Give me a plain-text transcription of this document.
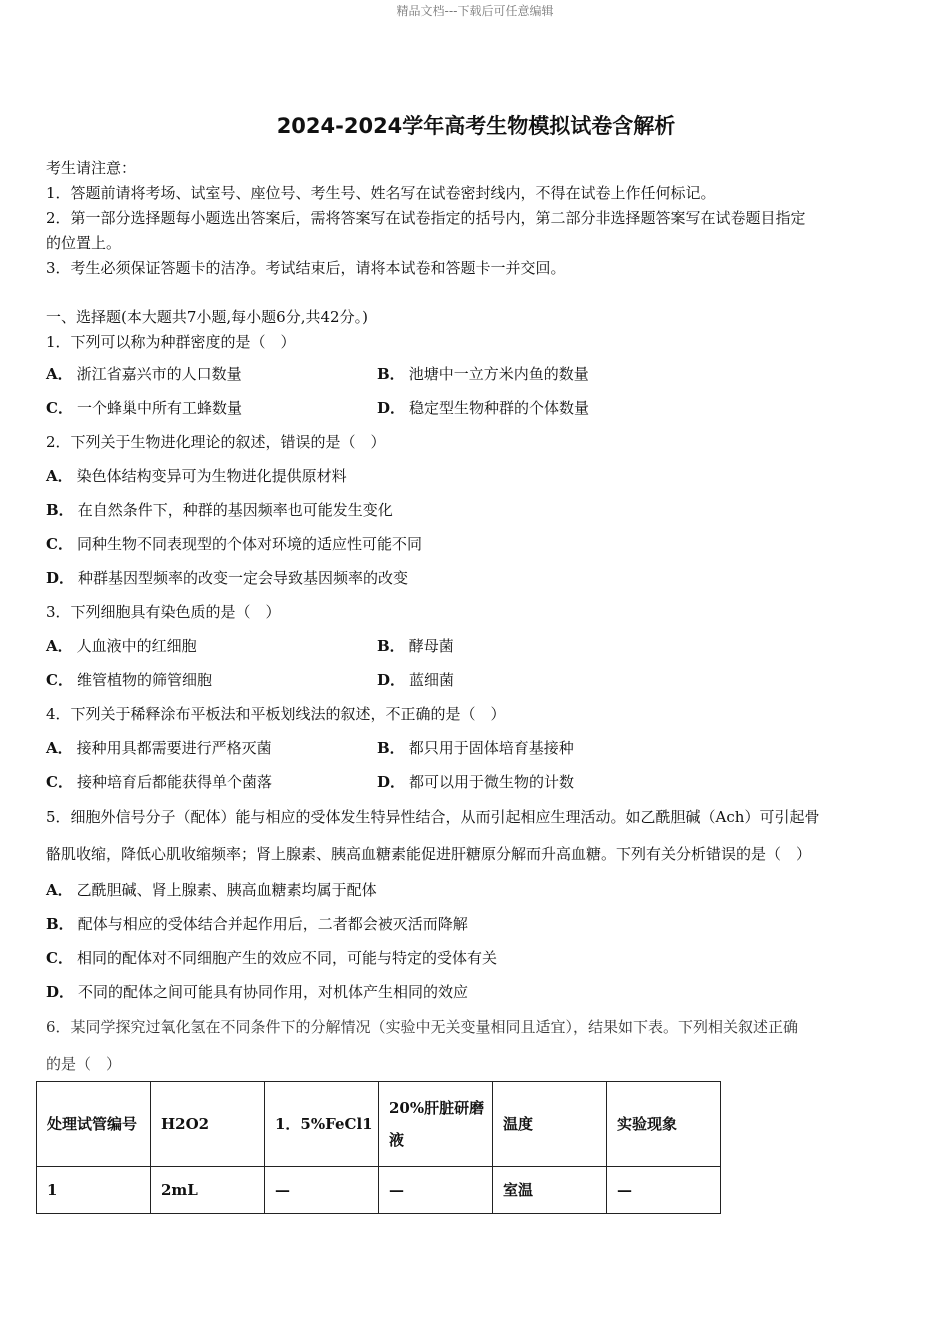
精品文档---下载后可任意编辑
2024-2024学年高考生物模拟试卷含解析
考生请注意：
1．答题前请将考场、试室号、座位号、考生号、姓名写在试卷密封线内，不得在试卷上作任何标记。
2．第一部分选择题每小题选出答案后，需将答案写在试卷指定的括号内，第二部分非选择题答案写在试卷题目指定
的位置上。
3．考生必须保证答题卡的洁净。考试结束后，请将本试卷和答题卡一并交回。
一、选择题(本大题共7小题,每小题6分,共42分。)
1．下列可以称为种群密度的是（　）
A． 浙江省嘉兴市的人口数量	B． 池塘中一立方米内鱼的数量
C． 一个蜂巢中所有工蜂数量	D． 稳定型生物种群的个体数量
2．下列关于生物进化理论的叙述，错误的是（　）
A． 染色体结构变异可为生物进化提供原材料
B． 在自然条件下，种群的基因频率也可能发生变化
C． 同种生物不同表现型的个体对环境的适应性可能不同
D． 种群基因型频率的改变一定会导致基因频率的改变
3．下列细胞具有染色质的是（　）
A． 人血液中的红细胞	B． 酵母菌
C． 维管植物的筛管细胞	D． 蓝细菌
4．下列关于稀释涂布平板法和平板划线法的叙述，不正确的是（　）
A． 接种用具都需要进行严格灭菌	B． 都只用于固体培育基接种
C． 接种培育后都能获得单个菌落	D． 都可以用于微生物的计数
5．细胞外信号分子（配体）能与相应的受体发生特异性结合，从而引起相应生理活动。如乙酰胆碱（Ach）可引起骨
骼肌收缩，降低心肌收缩频率；肾上腺素、胰高血糖素能促进肝糖原分解而升高血糖。下列有关分析错误的是（　）
A． 乙酰胆碱、肾上腺素、胰高血糖素均属于配体
B． 配体与相应的受体结合并起作用后，二者都会被灭活而降解
C． 相同的配体对不同细胞产生的效应不同，可能与特定的受体有关
D． 不同的配体之间可能具有协同作用，对机体产生相同的效应
6．某同学探究过氧化氢在不同条件下的分解情况（实验中无关变量相同且适宜），结果如下表。下列相关叙述正确
的是（　）
处理试管编号	H2O2	1．5%FeCl1	20%肝脏研磨液	温度	实验现象
1	2mL	—	—	室温	—
